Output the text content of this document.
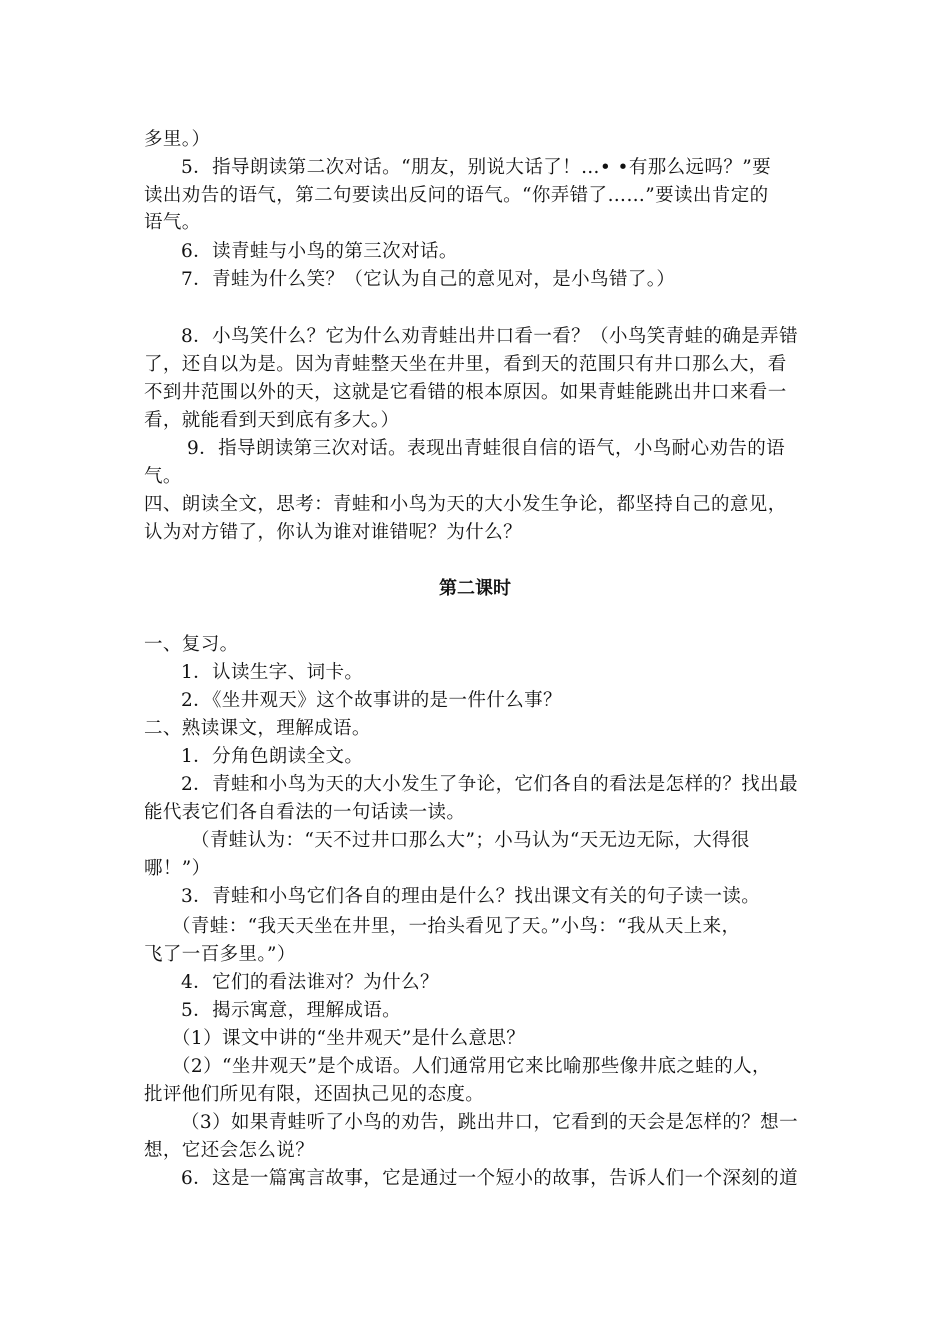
多里。）
5．指导朗读第二次对话。“朋友，别说大话了！…• •有那么远吗？”要
读出劝告的语气，第二句要读出反问的语气。“你弄错了……”要读出肯定的
语气。
6．读青蛙与小鸟的第三次对话。
7．青蛙为什么笑？（它认为自己的意见对，是小鸟错了。）
8．小鸟笑什么？它为什么劝青蛙出井口看一看？（小鸟笑青蛙的确是弄错
了，还自以为是。因为青蛙整天坐在井里，看到天的范围只有井口那么大，看
不到井范围以外的天，这就是它看错的根本原因。如果青蛙能跳出井口来看一
看，就能看到天到底有多大。）
9．指导朗读第三次对话。表现出青蛙很自信的语气，小鸟耐心劝告的语
气。
四、朗读全文，思考：青蛙和小鸟为天的大小发生争论，都坚持自己的意见，
认为对方错了，你认为谁对谁错呢？为什么？
第二课时
一、复习。
1．认读生字、词卡。
2．《坐井观天》这个故事讲的是一件什么事？
二、熟读课文，理解成语。
1．分角色朗读全文。
2．青蛙和小鸟为天的大小发生了争论，它们各自的看法是怎样的？找出最
能代表它们各自看法的一句话读一读。
（青蛙认为：“天不过井口那么大”；小马认为“天无边无际，大得很
哪！”）
3．青蛙和小鸟它们各自的理由是什么？找出课文有关的句子读一读。
（青蛙：“我天天坐在井里，一抬头看见了天。”小鸟：“我从天上来，
飞了一百多里。”）
4．它们的看法谁对？为什么？
5．揭示寓意，理解成语。
（1）课文中讲的“坐井观天”是什么意思？
（2）“坐井观天”是个成语。人们通常用它来比喻那些像井底之蛙的人，
批评他们所见有限，还固执己见的态度。
（3）如果青蛙听了小鸟的劝告，跳出井口，它看到的天会是怎样的？想一
想，它还会怎么说？
6．这是一篇寓言故事，它是通过一个短小的故事，告诉人们一个深刻的道
